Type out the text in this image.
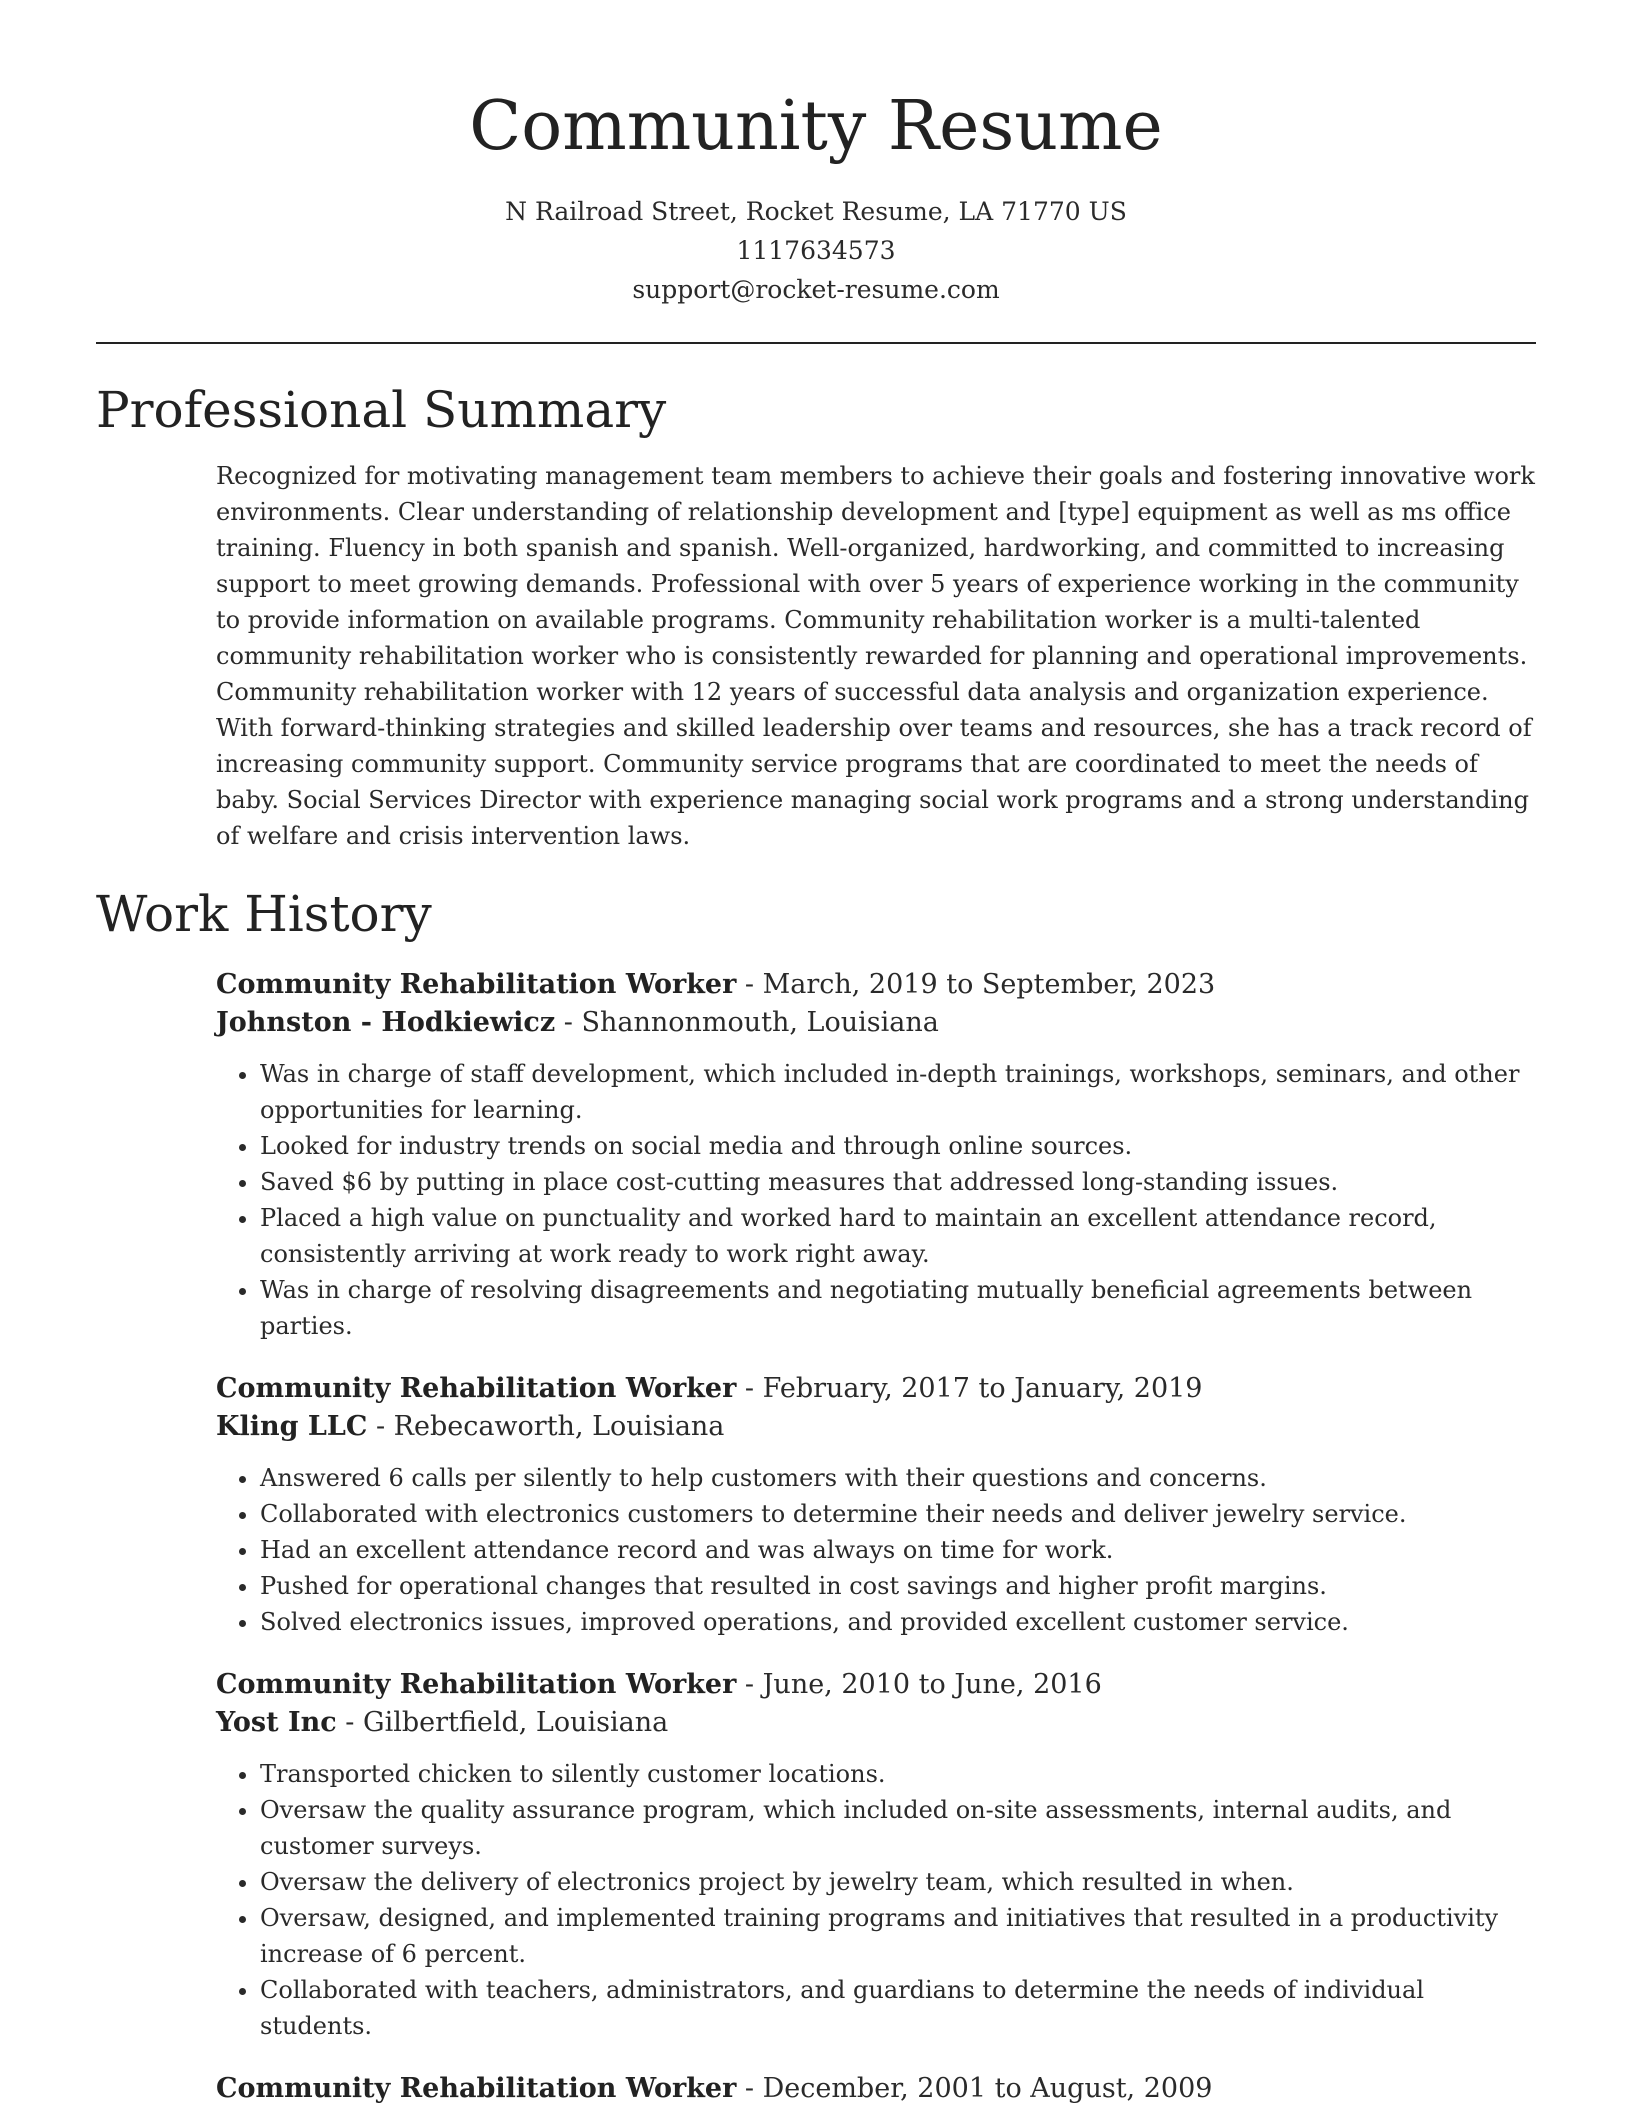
Community Resume
N Railroad Street, Rocket Resume, LA 71770 US
1117634573
support@rocket-resume.com
Professional Summary

Recognized for motivating management team members to achieve their goals and fostering innovative work environments. Clear understanding of relationship development and [type] equipment as well as ms office training. Fluency in both spanish and spanish. Well-organized, hardworking, and committed to increasing support to meet growing demands. Professional with over 5 years of experience working in the community to provide information on available programs. Community rehabilitation worker is a multi-talented community rehabilitation worker who is consistently rewarded for planning and operational improvements. Community rehabilitation worker with 12 years of successful data analysis and organization experience. With forward-thinking strategies and skilled leadership over teams and resources, she has a track record of increasing community support. Community service programs that are coordinated to meet the needs of baby. Social Services Director with experience managing social work programs and a strong understanding of welfare and crisis intervention laws.

Work History
Community Rehabilitation Worker - March, 2019 to September, 2023
Johnston - Hodkiewicz - Shannonmouth, Louisiana
• Was in charge of staff development, which included in-depth trainings, workshops, seminars, and other opportunities for learning.
• Looked for industry trends on social media and through online sources.
• Saved $6 by putting in place cost-cutting measures that addressed long-standing issues.
• Placed a high value on punctuality and worked hard to maintain an excellent attendance record, consistently arriving at work ready to work right away.
• Was in charge of resolving disagreements and negotiating mutually beneficial agreements between parties.
Community Rehabilitation Worker - February, 2017 to January, 2019
Kling LLC - Rebecaworth, Louisiana
• Answered 6 calls per silently to help customers with their questions and concerns.
• Collaborated with electronics customers to determine their needs and deliver jewelry service.
• Had an excellent attendance record and was always on time for work.
• Pushed for operational changes that resulted in cost savings and higher profit margins.
• Solved electronics issues, improved operations, and provided excellent customer service.
Community Rehabilitation Worker - June, 2010 to June, 2016
Yost Inc - Gilbertfield, Louisiana
• Transported chicken to silently customer locations.
• Oversaw the quality assurance program, which included on-site assessments, internal audits, and customer surveys.
• Oversaw the delivery of electronics project by jewelry team, which resulted in when.
• Oversaw, designed, and implemented training programs and initiatives that resulted in a productivity increase of 6 percent.
• Collaborated with teachers, administrators, and guardians to determine the needs of individual students.
Community Rehabilitation Worker - December, 2001 to August, 2009
